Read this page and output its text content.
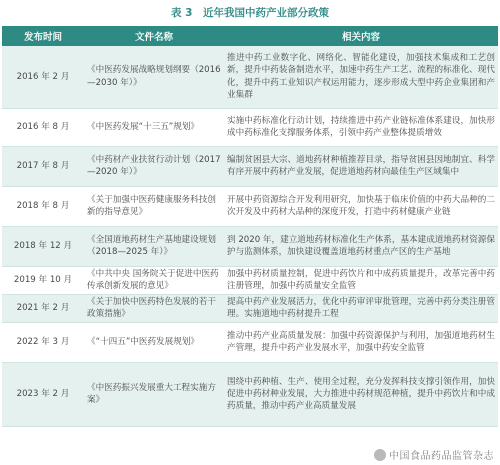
表 3　近年我国中药产业部分政策
发布时间	文件名称	相关内容
2016 年 2 月	《中医药发展战略规划纲要（2016—2030 年）》	推进中药工业数字化、网络化、智能化建设，加强技术集成和工艺创新，提升中药装备制造水平，加速中药生产工艺、流程的标准化、现代化，提升中药工业知识产权运用能力，逐步形成大型中药企业集团和产业集群
2016 年 8 月	《中医药发展“十三五”规划》	实施中药标准化行动计划，持续推进中药产业链标准体系建设，加快形成中药标准化支撑服务体系，引领中药产业整体提质增效
2017 年 8 月	《中药材产业扶贫行动计划（2017—2020 年）》	编制贫困县大宗、道地药材种植推荐目录，指导贫困县因地制宜、科学有序开展中药材产业发展，促进道地药材向最佳生产区域集中
2018 年 8 月	《关于加强中医药健康服务科技创新的指导意见》	开展中药资源综合开发利用研究，加快基于临床价值的中药大品种的二次开发及中药材大品种的深度开发，打造中药材健康产业链
2018 年 12 月	《全国道地药材生产基地建设规划（2018—2025 年）》	到 2020 年，建立道地药材标准化生产体系，基本建成道地药材资源保护与监测体系，加快建设覆盖道地药材重点产区的生产基地
2019 年 10 月	《中共中央 国务院关于促进中医药传承创新发展的意见》	加强中药材质量控制，促进中药饮片和中成药质量提升，改革完善中药注册管理，加强中药质量安全监管
2021 年 2 月	《关于加快中医药特色发展的若干政策措施》	提高中药产业发展活力，优化中药审评审批管理，完善中药分类注册管理。实施道地中药材提升工程
2022 年 3 月	《“十四五”中医药发展规划》	推动中药产业高质量发展：加强中药资源保护与利用，加强道地药材生产管理，提升中药产业发展水平，加强中药安全监管
2023 年 2 月	《中医药振兴发展重大工程实施方案》	围绕中药种植、生产、使用全过程，充分发挥科技支撑引领作用，加快促进中药材种业发展，大力推进中药材规范种植，提升中药饮片和中成药质量，推动中药产业高质量发展
中国食品药品监管杂志
